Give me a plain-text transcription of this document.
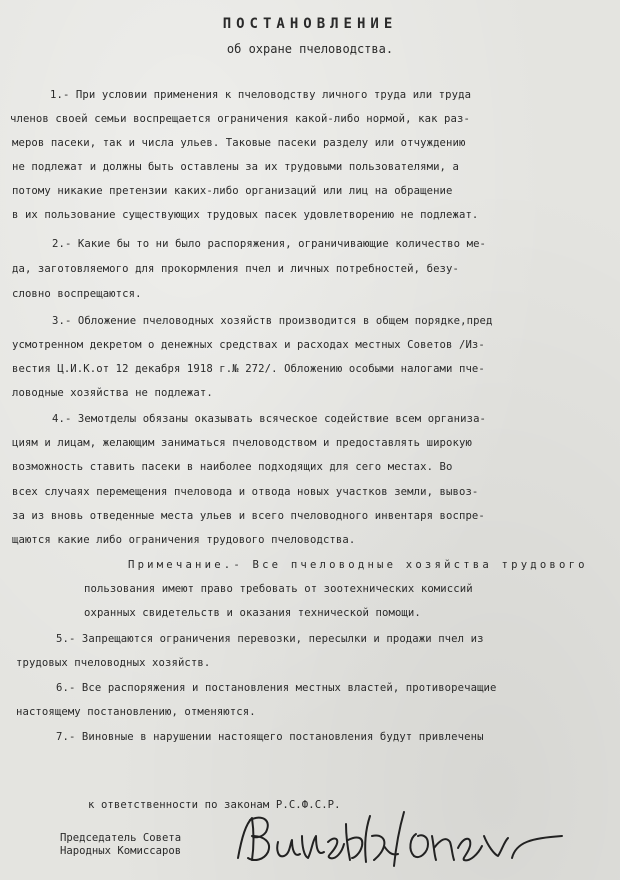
ПОСТАНОВЛЕНИЕ
об охране пчеловодства.
1.- При условии применения к пчеловодству личного труда или труда
членов своей семьи воспрещается ограничения какой-либо нормой, как раз-
меров пасеки, так и числа ульев. Таковые пасеки разделу или отчуждению
не подлежат и должны быть оставлены за их трудовыми пользователями, а
потому никакие претензии каких-либо организаций или лиц на обращение
в их пользование существующих трудовых пасек удовлетворению не подлежат.
2.- Какие бы то ни было распоряжения, ограничивающие количество ме-
да, заготовляемого для прокормления пчел и личных потребностей, безу-
словно воспрещаются.
3.- Обложение пчеловодных хозяйств производится в общем порядке,пред
усмотренном декретом о денежных средствах и расходах местных Советов /Из-
вестия Ц.И.К.от 12 декабря 1918 г.№ 272/. Обложению особыми налогами пче-
ловодные хозяйства не подлежат.
4.- Земотделы обязаны оказывать всяческое содействие всем организа-
циям и лицам, желающим заниматься пчеловодством и предоставлять широкую
возможность ставить пасеки в наиболее подходящих для сего местах. Во
всех случаях перемещения пчеловода и отвода новых участков земли, вывоз-
за из вновь отведенные места ульев и всего пчеловодного инвентаря воспре-
щаются какие либо ограничения трудового пчеловодства.
Примечание.- Все пчеловодные хозяйства трудового
пользования имеют право требовать от зоотехнических комиссий
охранных свидетельств и оказания технической помощи.
5.- Запрещаются ограничения перевозки, пересылки и продажи пчел из
трудовых пчеловодных хозяйств.
6.- Все распоряжения и постановления местных властей, противоречащие
настоящему постановлению, отменяются.
7.- Виновные в нарушении настоящего постановления будут привлечены
к ответственности по законам Р.С.Ф.С.Р.
Председатель Совета
Народных Комиссаров
